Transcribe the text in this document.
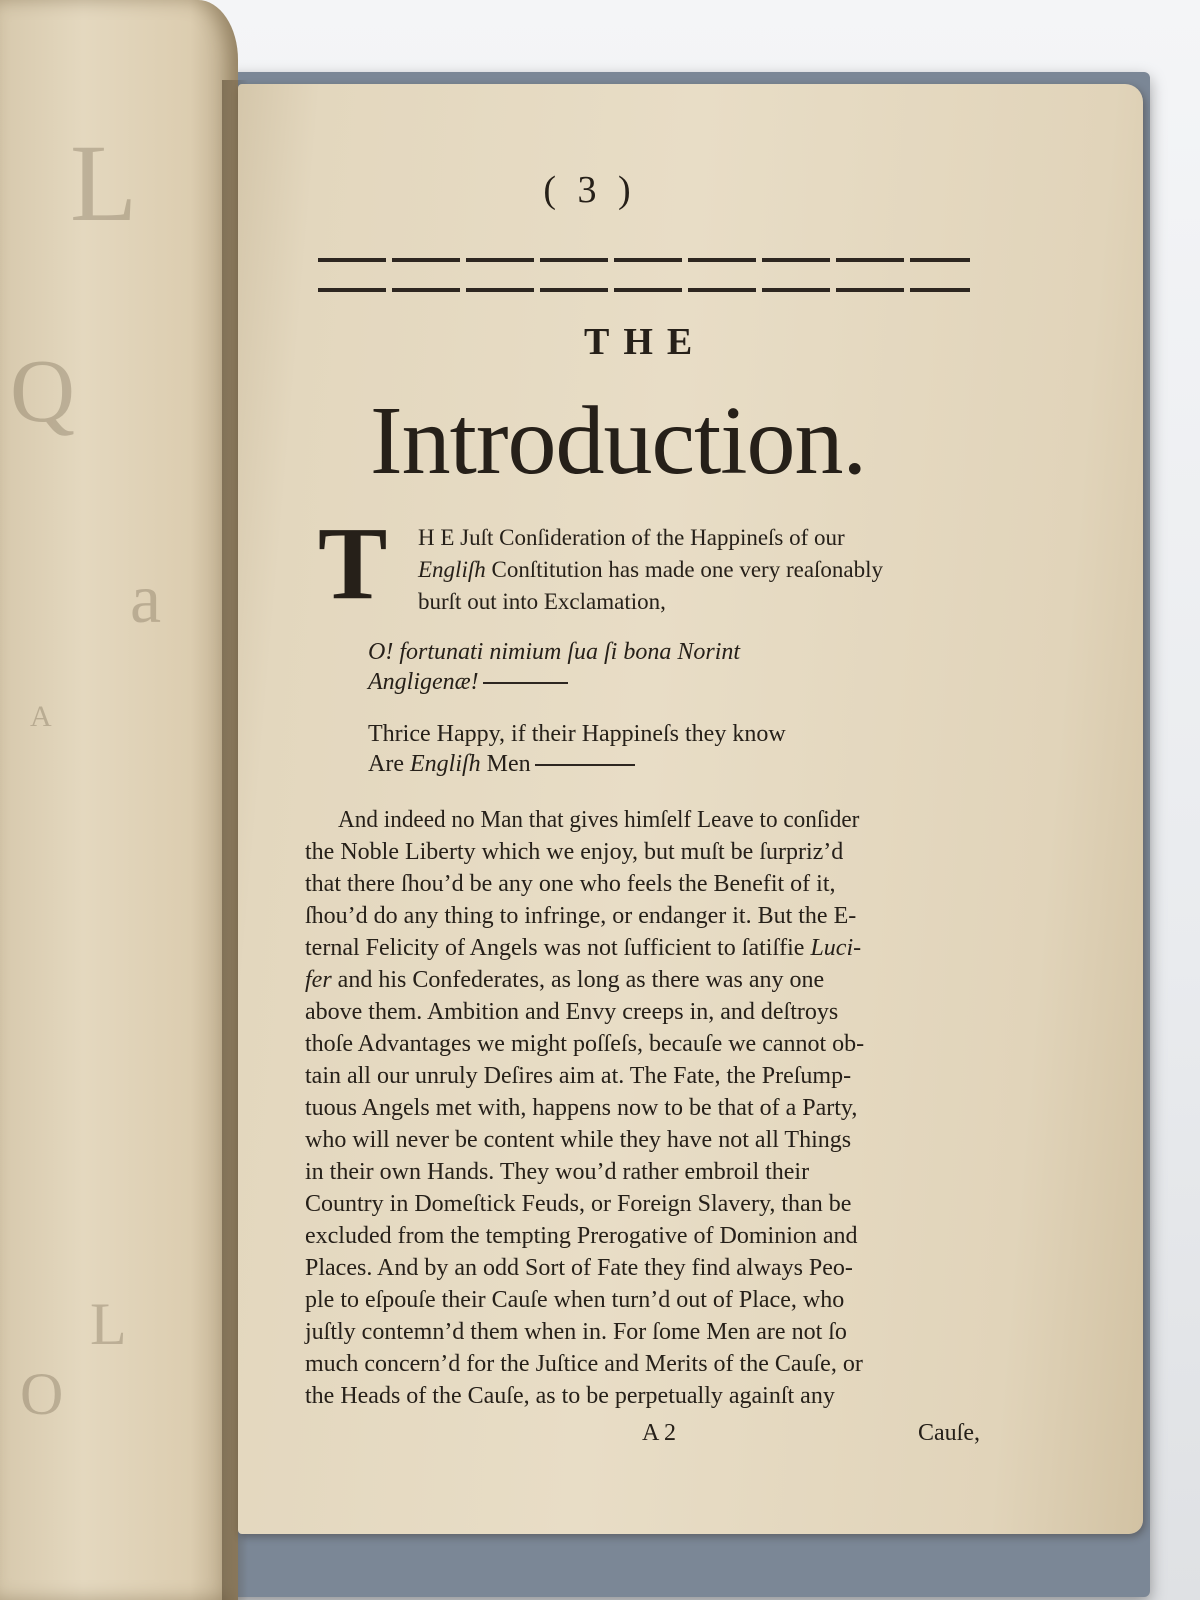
L
Q
a
A
O
L
( 3 )
THE
Introduction.
T H E Juſt Conſideration of the Happineſs of our
Engliſh Conſtitution has made one very reaſonably
burſt out into Exclamation,
O! fortunati nimium ſua ſi bona Norint
Angligenæ!
Thrice Happy, if their Happineſs they know
Are Engliſh Men
And indeed no Man that gives himſelf Leave to conſider
the Noble Liberty which we enjoy, but muſt be ſurpriz’d
that there ſhou’d be any one who feels the Benefit of it,
ſhou’d do any thing to infringe, or endanger it. But the E-
ternal Felicity of Angels was not ſufficient to ſatiſfie Luci-
fer and his Confederates, as long as there was any one
above them. Ambition and Envy creeps in, and deſtroys
thoſe Advantages we might poſſeſs, becauſe we cannot ob-
tain all our unruly Deſires aim at. The Fate, the Preſump-
tuous Angels met with, happens now to be that of a Party,
who will never be content while they have not all Things
in their own Hands. They wou’d rather embroil their
Country in Domeſtick Feuds, or Foreign Slavery, than be
excluded from the tempting Prerogative of Dominion and
Places. And by an odd Sort of Fate they find always Peo-
ple to eſpouſe their Cauſe when turn’d out of Place, who
juſtly contemn’d them when in. For ſome Men are not ſo
much concern’d for the Juſtice and Merits of the Cauſe, or
the Heads of the Cauſe, as to be perpetually againſt any
A 2	Cauſe,
